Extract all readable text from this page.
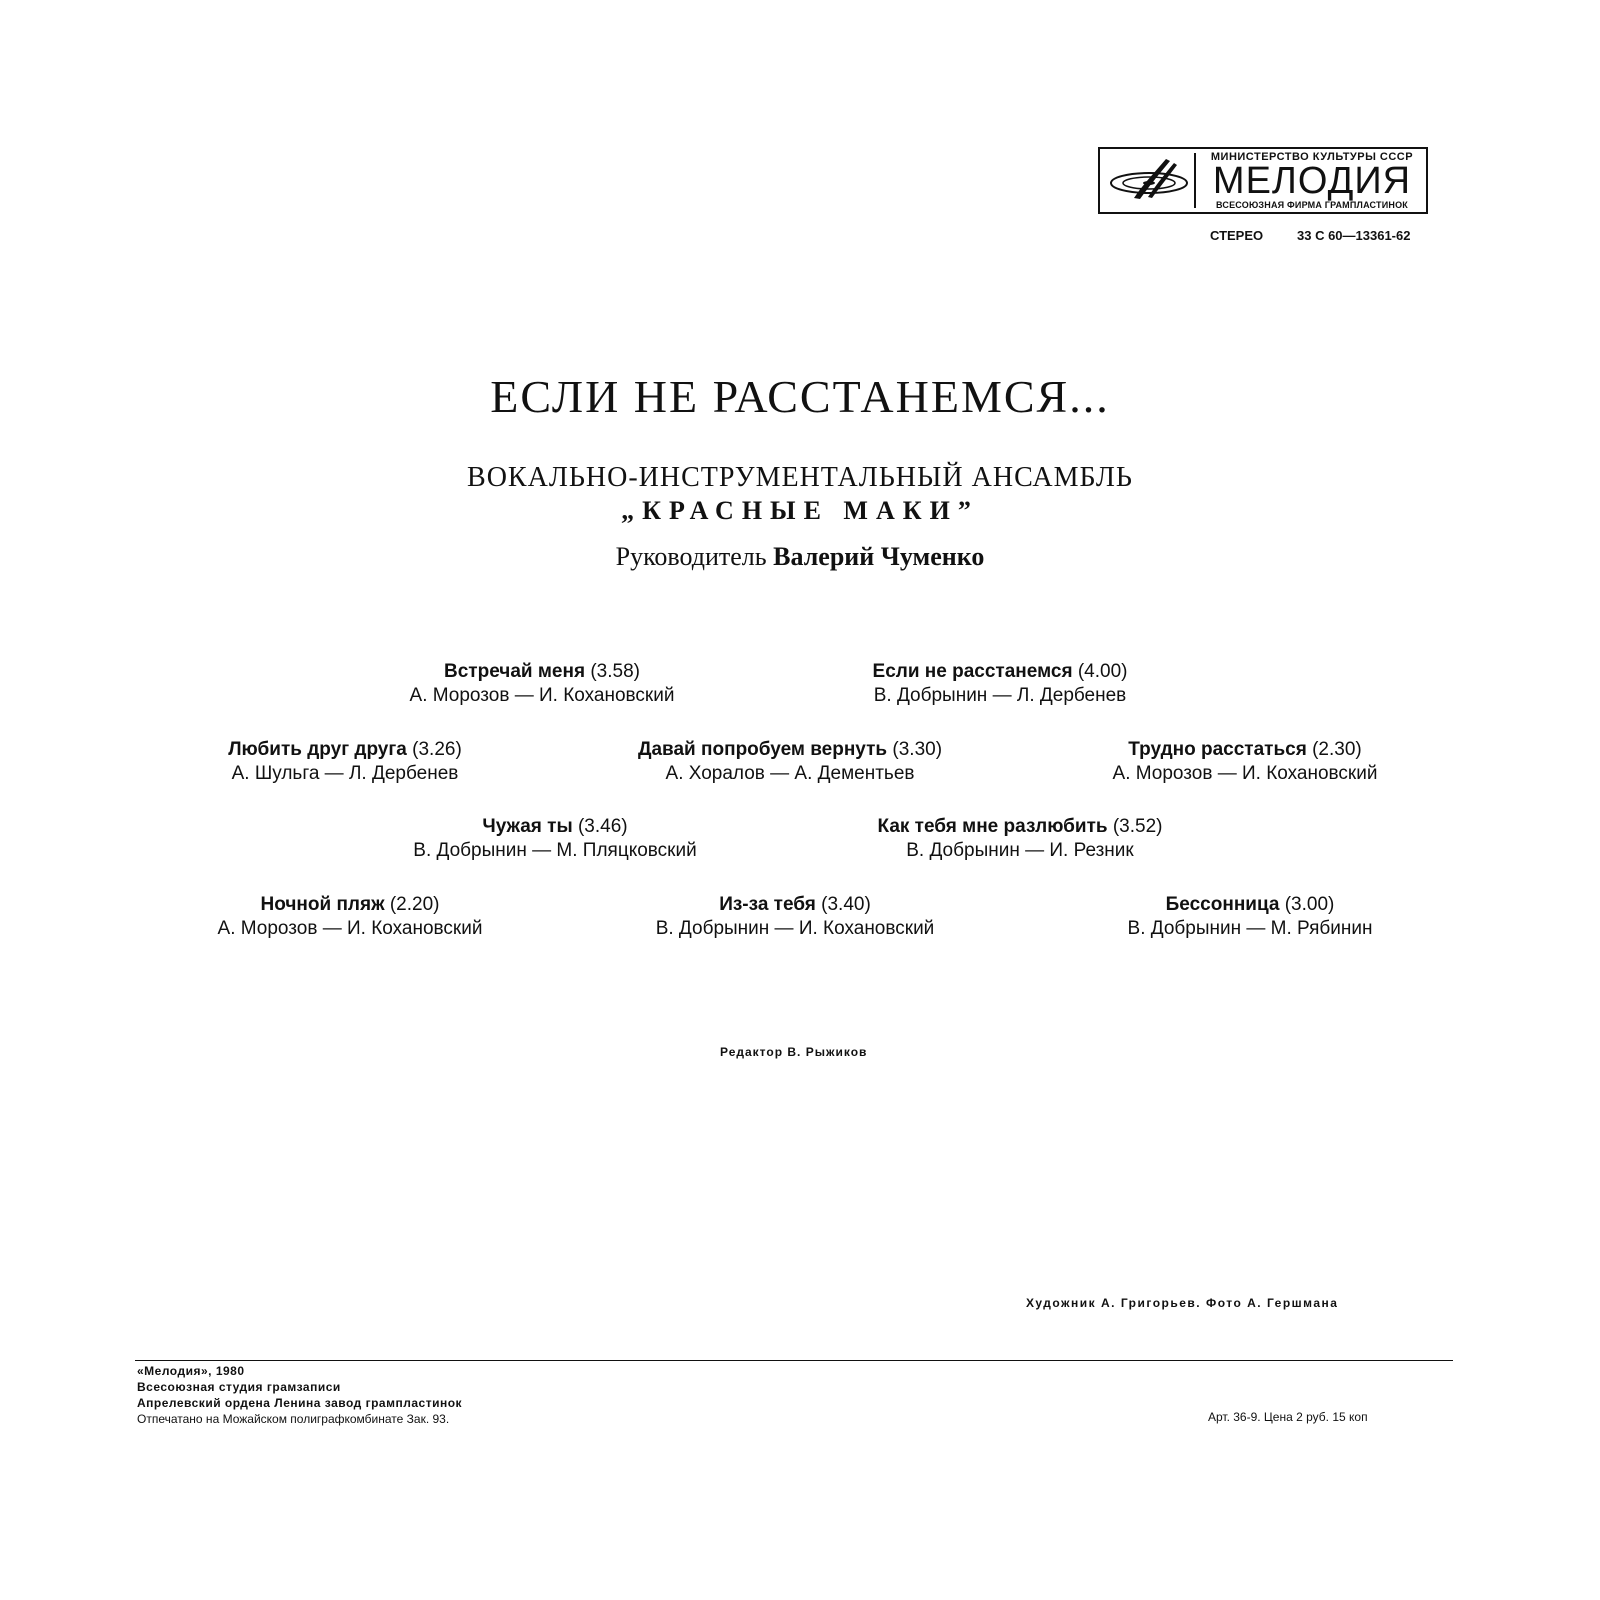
МИНИСТЕРСТВО КУЛЬТУРЫ СССР
МЕЛОДИЯ
ВСЕСОЮЗНАЯ ФИРМА ГРАМПЛАСТИНОК
СТЕРЕО	33 С 60—13361-62
ЕСЛИ НЕ РАССТАНЕМСЯ...
ВОКАЛЬНО-ИНСТРУМЕНТАЛЬНЫЙ АНСАМБЛЬ
„КРАСНЫЕ МАКИ”
Руководитель Валерий Чуменко
Встречай меня (3.58)
А. Морозов — И. Кохановский
Если не расстанемся (4.00)
В. Добрынин — Л. Дербенев
Любить друг друга (3.26)
А. Шульга — Л. Дербенев
Давай попробуем вернуть (3.30)
А. Хоралов — А. Дементьев
Трудно расстаться (2.30)
А. Морозов — И. Кохановский
Чужая ты (3.46)
В. Добрынин — М. Пляцковский
Как тебя мне разлюбить (3.52)
В. Добрынин — И. Резник
Ночной пляж (2.20)
А. Морозов — И. Кохановский
Из-за тебя (3.40)
В. Добрынин — И. Кохановский
Бессонница (3.00)
В. Добрынин — М. Рябинин
Редактор В. Рыжиков
Художник А. Григорьев. Фото А. Гершмана
«Мелодия», 1980
Всесоюзная студия грамзаписи
Апрелевский ордена Ленина завод грампластинок
Отпечатано на Можайском полиграфкомбинате Зак. 93.	Арт. 36-9. Цена 2 руб. 15 коп
